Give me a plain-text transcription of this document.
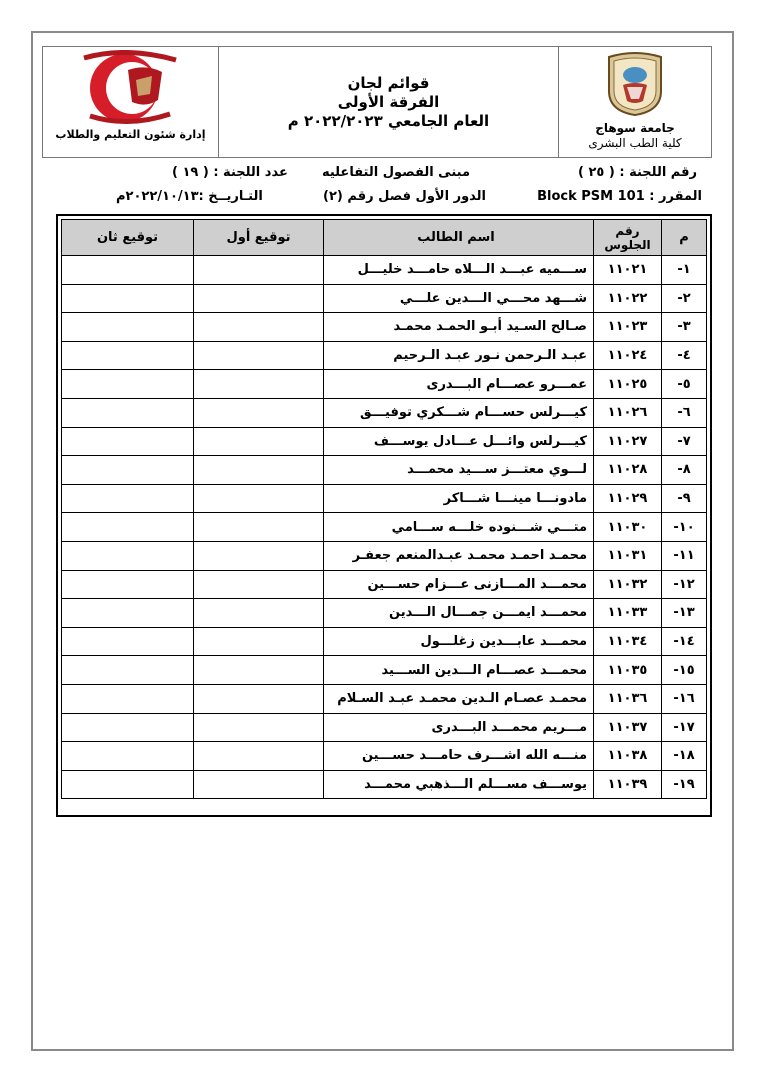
جامعة سوهاج
كلية الطب البشرى
قوائم لجان
الفرقة الأولى
العام الجامعي ٢٠٢٢/٢٠٢٣ م
إدارة شئون التعليم والطلاب
رقم اللجنة : ( ٢٥ )
مبنى الفصول التفاعليه
عدد اللجنة : ( ١٩ )
المقرر : Block PSM 101
الدور الأول فصل رقم (٢)
التـاريــخ :٢٠٢٢/١٠/١٣م
م	رقم الجلوس	اسم الطالب	توقيع أول	توقيع ثان
١-	١١٠٢١	ســـميه عبـــد الـــلاه حامـــد خليـــل		
٢-	١١٠٢٢	شـــهد محـــي الـــدين علـــي		
٣-	١١٠٢٣	صـالح السـيد أبـو الحمـد محمـد		
٤-	١١٠٢٤	عبـد الـرحمن نـور عبـد الـرحيم		
٥-	١١٠٢٥	عمـــرو عصـــام البـــدرى		
٦-	١١٠٢٦	كيـــرلس حســـام شـــكري توفيـــق		
٧-	١١٠٢٧	كيـــرلس وائـــل عـــادل يوســـف		
٨-	١١٠٢٨	لـــوي معتـــز ســـيد محمـــد		
٩-	١١٠٢٩	مادونـــا مينـــا شـــاكر		
١٠-	١١٠٣٠	متـــي شـــنوده خلـــه ســـامي		
١١-	١١٠٣١	محمـد احمـد محمـد عبـدالمنعم جعفـر		
١٢-	١١٠٣٢	محمـــد المـــازنى عـــزام حســـين		
١٣-	١١٠٣٣	محمـــد ايمـــن جمـــال الـــدين		
١٤-	١١٠٣٤	محمـــد عابـــدين زغلـــول		
١٥-	١١٠٣٥	محمـــد عصـــام الـــدين الســـيد		
١٦-	١١٠٣٦	محمـد عصـام الـدين محمـد عبـد السـلام		
١٧-	١١٠٣٧	مـــريم محمـــد البـــدرى		
١٨-	١١٠٣٨	منـــه الله اشـــرف حامـــد حســـين		
١٩-	١١٠٣٩	يوســـف مســـلم الـــذهبي محمـــد		
